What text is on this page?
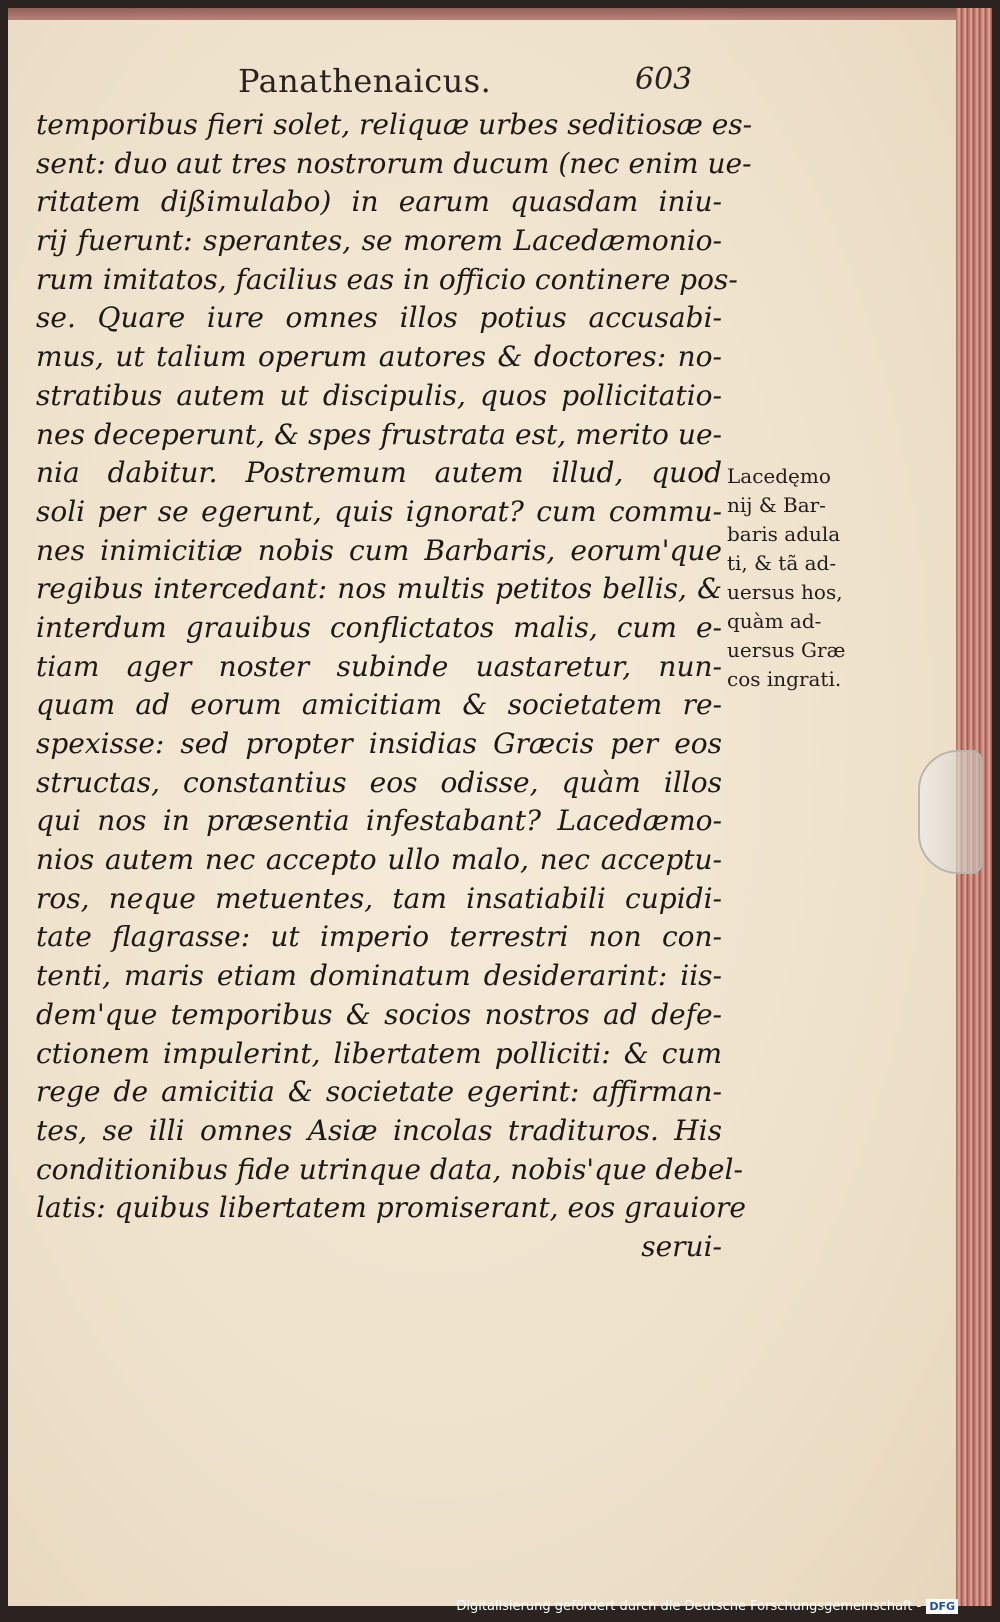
Panathenaicus.	603
temporibus fieri solet, reliquæ urbes seditiosæ es-
sent: duo aut tres nostrorum ducum (nec enim ue-
ritatem dißimulabo) in earum quasdam iniu-
rij fuerunt: sperantes, se morem Lacedæmonio-
rum imitatos, facilius eas in officio continere pos-
se. Quare iure omnes illos potius accusabi-
mus, ut talium operum autores & doctores: no-
stratibus autem ut discipulis, quos pollicitatio-
nes deceperunt, & spes frustrata est, merito ue-
nia dabitur. Postremum autem illud, quod
soli per se egerunt, quis ignorat? cum commu-
nes inimicitiæ nobis cum Barbaris, eorum'que
regibus intercedant: nos multis petitos bellis, &
interdum grauibus conflictatos malis, cum e-
tiam ager noster subinde uastaretur, nun-
quam ad eorum amicitiam & societatem re-
spexisse: sed propter insidias Græcis per eos
structas, constantius eos odisse, quàm illos
qui nos in præsentia infestabant? Lacedæmo-
nios autem nec accepto ullo malo, nec acceptu-
ros, neque metuentes, tam insatiabili cupidi-
tate flagrasse: ut imperio terrestri non con-
tenti, maris etiam dominatum desiderarint: iis-
dem'que temporibus & socios nostros ad defe-
ctionem impulerint, libertatem polliciti: & cum
rege de amicitia & societate egerint: affirman-
tes, se illi omnes Asiæ incolas tradituros. His
conditionibus fide utrinque data, nobis'que debel-
latis: quibus libertatem promiserant, eos grauiore
serui-
Lacedęmo
nij & Bar-
baris adula
ti, & tã ad-
uersus hos,
quàm ad-
uersus Græ
cos ingrati.
Digitalisierung gefördert durch die Deutsche Forschungsgemeinschaft - DFG
